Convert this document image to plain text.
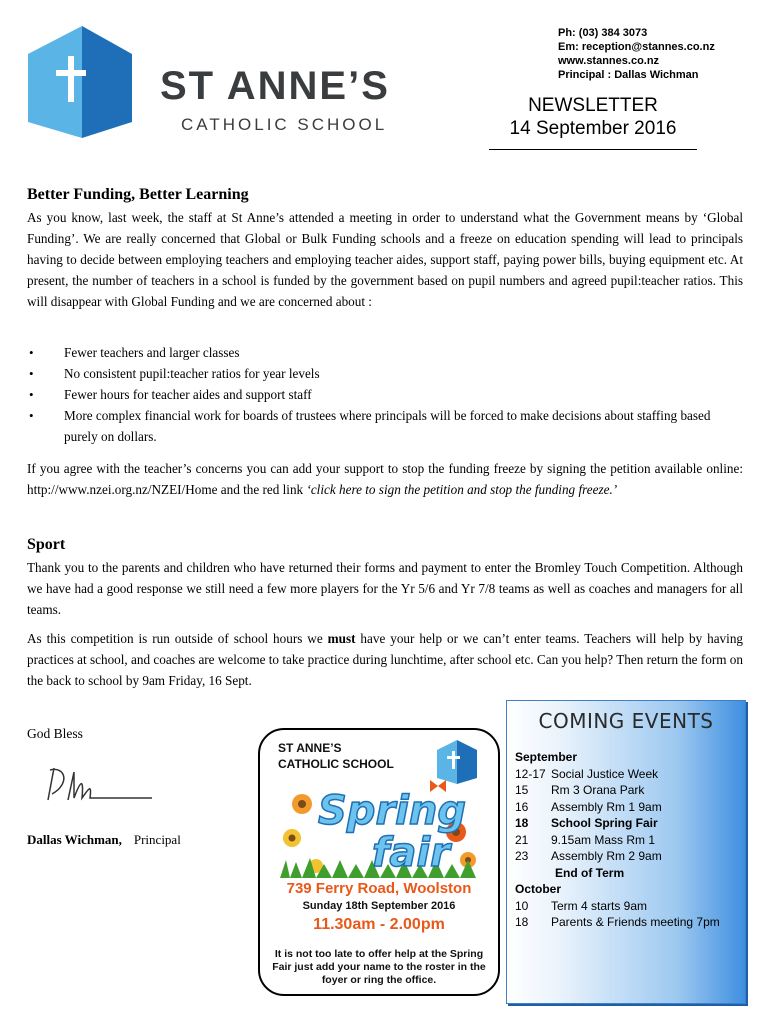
ST ANNE’S
CATHOLIC SCHOOL
Ph: (03) 384 3073
Em: reception@stannes.co.nz
www.stannes.co.nz
Principal : Dallas Wichman
NEWSLETTER
14 September 2016
Better Funding, Better Learning
As you know, last week, the staff at St Anne’s attended a meeting in order to understand what the Government means by ‘Global Funding’. We are really concerned that Global or Bulk Funding schools and a freeze on education spending will lead to principals having to decide between employing teachers and employing teacher aides, support staff, paying power bills, buying equipment etc. At present, the number of teachers in a school is funded by the government based on pupil numbers and agreed pupil:teacher ratios. This will disappear with Global Funding and we are concerned about :
• Fewer teachers and larger classes
• No consistent pupil:teacher ratios for year levels
• Fewer hours for teacher aides and support staff
• More complex financial work for boards of trustees where principals will be forced to make decisions about staffing based purely on dollars.
If you agree with the teacher’s concerns you can add your support to stop the funding freeze by signing the petition available online: http://www.nzei.org.nz/NZEI/Home and the red link ‘click here to sign the petition and stop the funding freeze.’
Sport
Thank you to the parents and children who have returned their forms and payment to enter the Bromley Touch Competition. Although we have had a good response we still need a few more players for the Yr 5/6 and Yr 7/8 teams as well as coaches and managers for all teams.
As this competition is run outside of school hours we must have your help or we can’t enter teams. Teachers will help by having practices at school, and coaches are welcome to take practice during lunchtime, after school etc. Can you help? Then return the form on the back to school by 9am Friday, 16 Sept.
God Bless
Dallas Wichman, Principal
ST ANNE’S
CATHOLIC SCHOOL
Spring
fair
739 Ferry Road, Woolston
Sunday 18th September 2016
11.30am - 2.00pm
It is not too late to offer help at the Spring Fair just add your name to the roster in the foyer or ring the office.
COMING EVENTS
September
12-17 Social Justice Week
15 Rm 3 Orana Park
16 Assembly Rm 1 9am
18 School Spring Fair
21 9.15am Mass Rm 1
23 Assembly Rm 2 9am
End of Term
October
10 Term 4 starts 9am
18 Parents & Friends meeting 7pm
